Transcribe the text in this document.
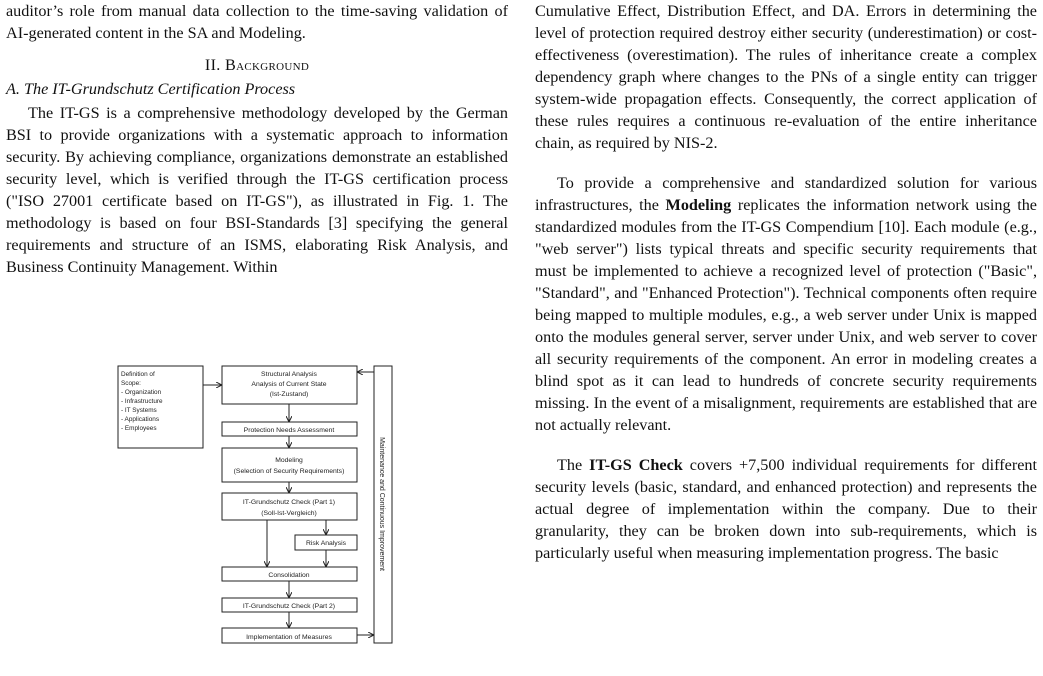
auditor’s role from manual data collection to the time-saving validation of AI-generated content in the SA and Modeling.

II. Background
A. The IT-Grundschutz Certification Process

The IT-GS is a comprehensive methodology developed by the German BSI to provide organizations with a systematic approach to information security. By achieving compliance, organizations demonstrate an established security level, which is verified through the IT-GS certification process ("ISO 27001 certificate based on IT-GS"), as illustrated in Fig. 1. The methodology is based on four BSI-Standards [3] specifying the general requirements and structure of an ISMS, elaborating Risk Analysis, and Business Continuity Management. Within

Definition of
Scope:
- Organization
- Infrastructure
- IT Systems
- Applications
- Employees
Structural Analysis
Analysis of Current State
(Ist-Zustand)
Protection Needs Assessment
Modeling
(Selection of Security Requirements)
IT-Grundschutz Check (Part 1)
(Soll-Ist-Vergleich)
Risk Analysis
Consolidation
IT-Grundschutz Check (Part 2)
Implementation of Measures
Maintenance and Continuous Improvement

Cumulative Effect, Distribution Effect, and DA. Errors in determining the level of protection required destroy either security (underestimation) or cost-effectiveness (overestimation). The rules of inheritance create a complex dependency graph where changes to the PNs of a single entity can trigger system-wide propagation effects. Consequently, the correct application of these rules requires a continuous re-evaluation of the entire inheritance chain, as required by NIS-2.

To provide a comprehensive and standardized solution for various infrastructures, the Modeling replicates the information network using the standardized modules from the IT-GS Compendium [10]. Each module (e.g., "web server") lists typical threats and specific security requirements that must be implemented to achieve a recognized level of protection ("Basic", "Standard", and "Enhanced Protection"). Technical components often require being mapped to multiple modules, e.g., a web server under Unix is mapped onto the modules general server, server under Unix, and web server to cover all security requirements of the component. An error in modeling creates a blind spot as it can lead to hundreds of concrete security requirements missing. In the event of a misalignment, requirements are established that are not actually relevant.

The IT-GS Check covers +7,500 individual requirements for different security levels (basic, standard, and enhanced protection) and represents the actual degree of implementation within the company. Due to their granularity, they can be broken down into sub-requirements, which is particularly useful when measuring implementation progress. The basic
